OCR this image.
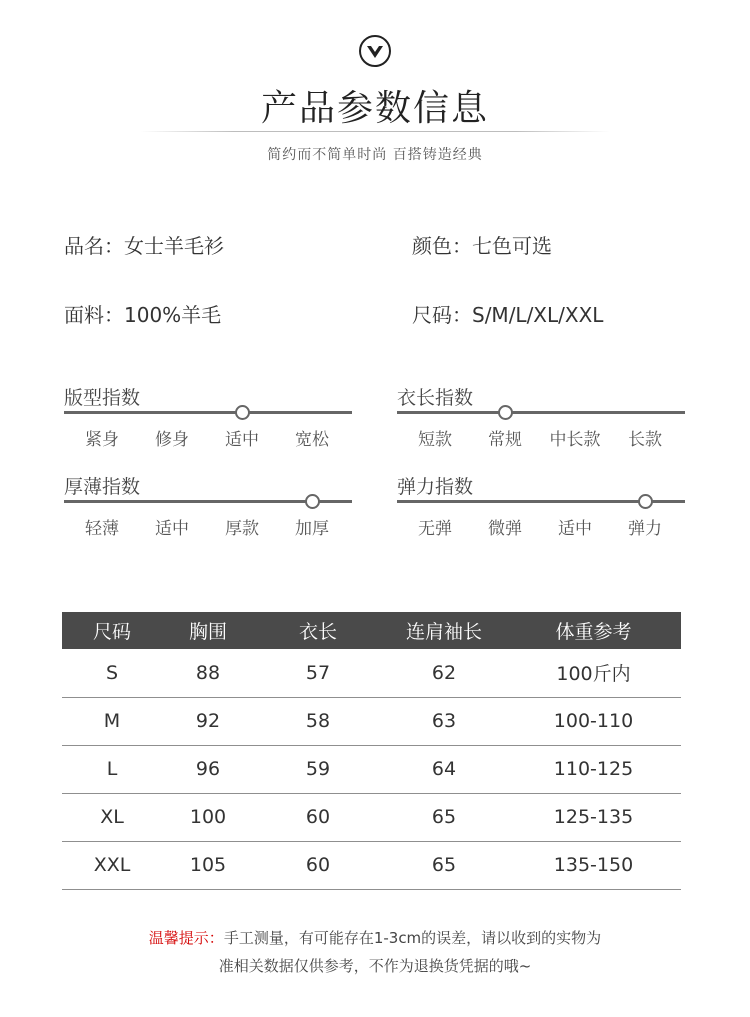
产品参数信息
简约而不简单时尚 百搭铸造经典
品名：女士羊毛衫	颜色：七色可选
面料：100%羊毛	尺码：S/M/L/XL/XXL
版型指数
紧身	修身	适中	宽松
衣长指数
短款	常规	中长款	长款
厚薄指数
轻薄	适中	厚款	加厚
弹力指数
无弹	微弹	适中	弹力
尺码	胸围	衣长	连肩袖长	体重参考
S	88	57	62	100斤内
M	92	58	63	100-110
L	96	59	64	110-125
XL	100	60	65	125-135
XXL	105	60	65	135-150
温馨提示：手工测量，有可能存在1-3cm的误差，请以收到的实物为
准相关数据仅供参考，不作为退换货凭据的哦~
